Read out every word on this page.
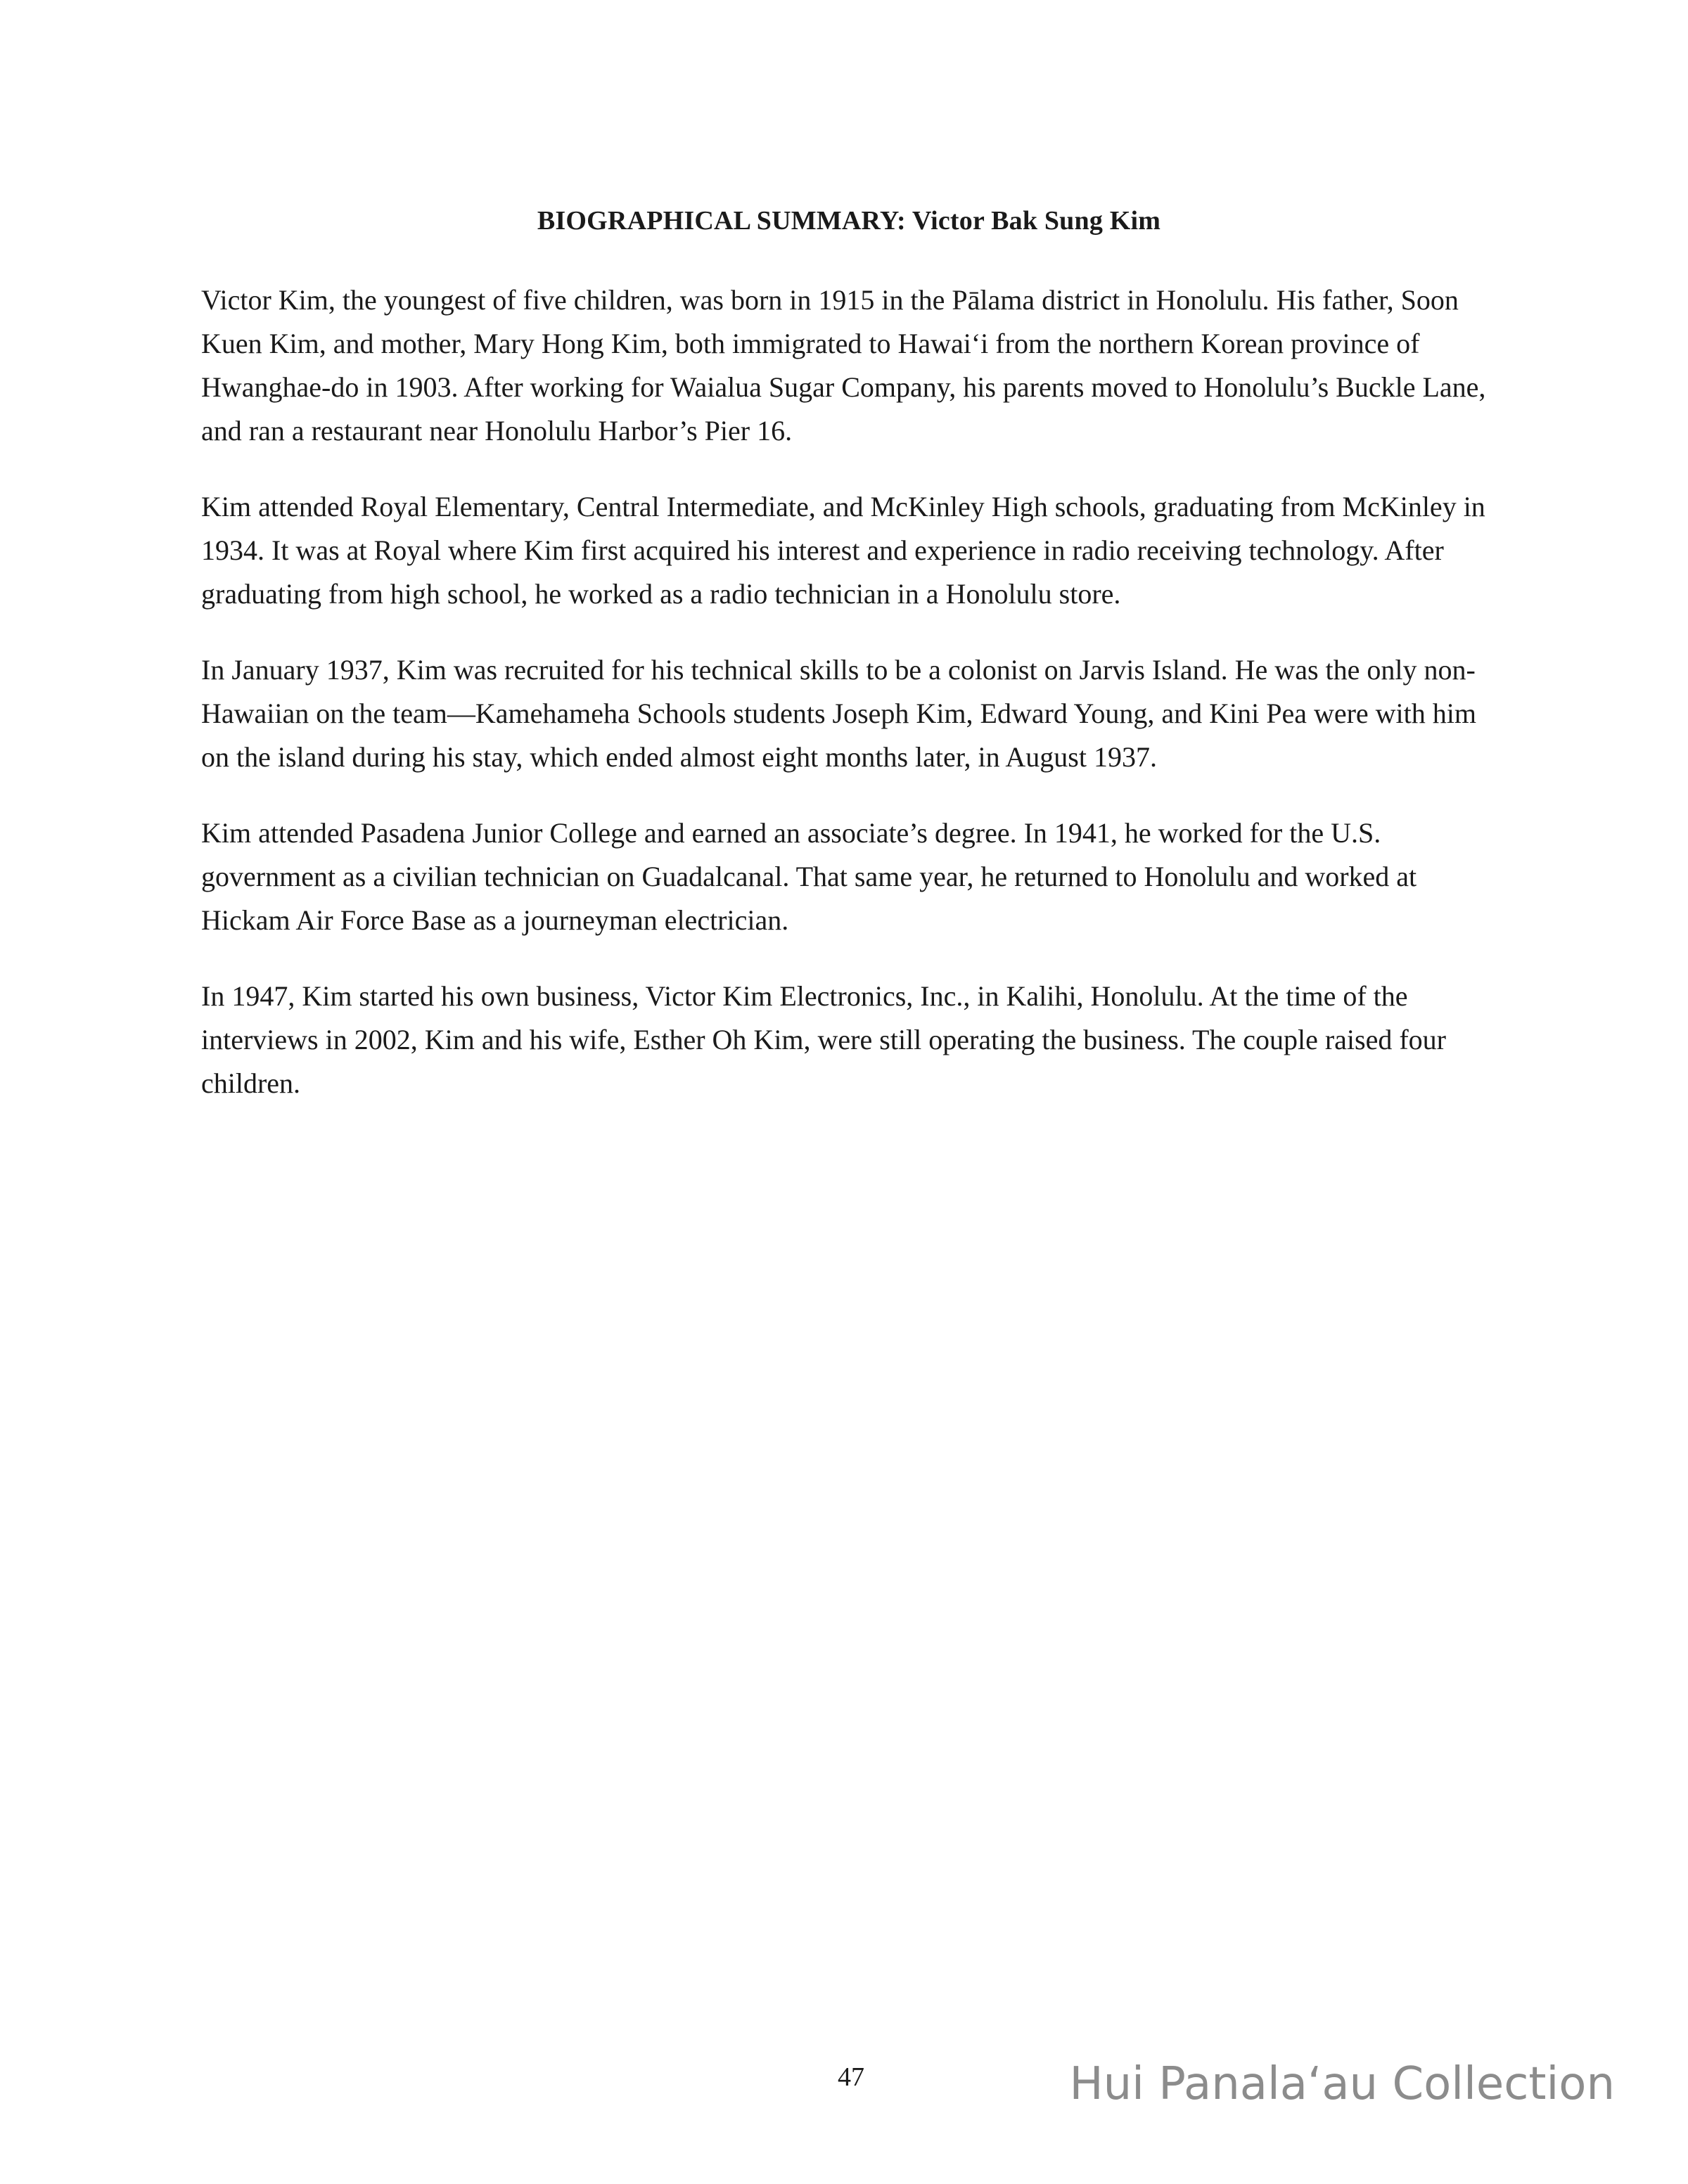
BIOGRAPHICAL SUMMARY: Victor Bak Sung Kim

Victor Kim, the youngest of five children, was born in 1915 in the Pālama district in Honolulu. His father, Soon Kuen Kim, and mother, Mary Hong Kim, both immigrated to Hawai‘i from the northern Korean province of Hwanghae-do in 1903. After working for Waialua Sugar Company, his parents moved to Honolulu’s Buckle Lane, and ran a restaurant near Honolulu Harbor’s Pier 16.

Kim attended Royal Elementary, Central Intermediate, and McKinley High schools, graduating from McKinley in 1934. It was at Royal where Kim first acquired his interest and experience in radio receiving technology. After graduating from high school, he worked as a radio technician in a Honolulu store.

In January 1937, Kim was recruited for his technical skills to be a colonist on Jarvis Island. He was the only non-Hawaiian on the team—Kamehameha Schools students Joseph Kim, Edward Young, and Kini Pea were with him on the island during his stay, which ended almost eight months later, in August 1937.

Kim attended Pasadena Junior College and earned an associate’s degree. In 1941, he worked for the U.S. government as a civilian technician on Guadalcanal. That same year, he returned to Honolulu and worked at Hickam Air Force Base as a journeyman electrician.

In 1947, Kim started his own business, Victor Kim Electronics, Inc., in Kalihi, Honolulu. At the time of the interviews in 2002, Kim and his wife, Esther Oh Kim, were still operating the business. The couple raised four children.

47	Hui Panala‘au Collection
